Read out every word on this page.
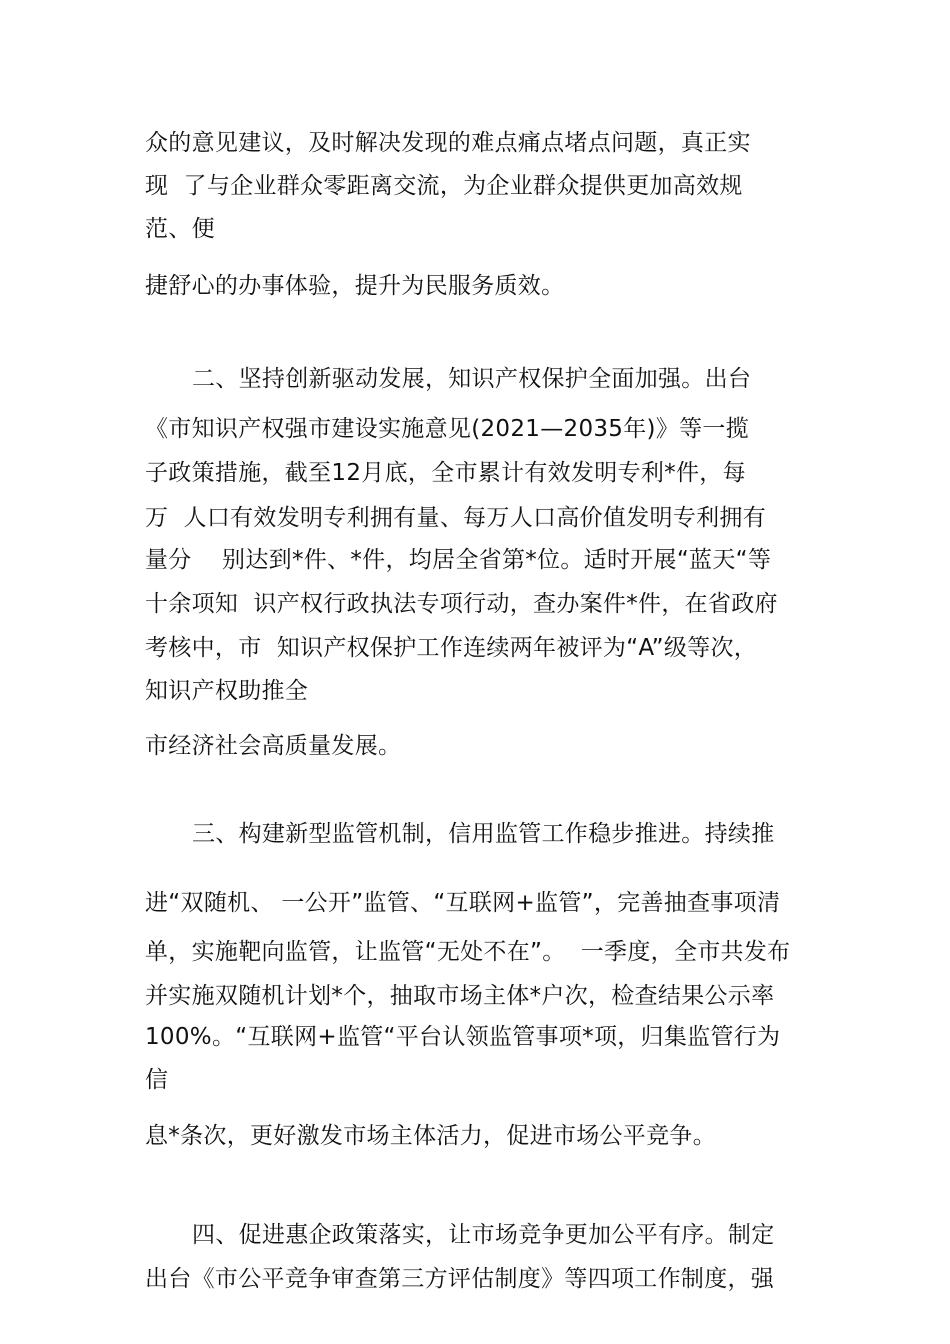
众的意见建议，及时解决发现的难点痛点堵点问题，真正实
现  了与企业群众零距离交流，为企业群众提供更加高效规
范、便
捷舒心的办事体验，提升为民服务质效。
二、坚持创新驱动发展，知识产权保护全面加强。出台
《市知识产权强市建设实施意见(2021—2035年)》等一揽
子政策措施，截至12月底，全市累计有效发明专利*件，每
万  人口有效发明专利拥有量、每万人口高价值发明专利拥有
量分    别达到*件、*件，均居全省第*位。适时开展“蓝天“等
十余项知  识产权行政执法专项行动，查办案件*件，在省政府
考核中，市  知识产权保护工作连续两年被评为“A”级等次，
知识产权助推全
市经济社会高质量发展。
三、构建新型监管机制，信用监管工作稳步推进。持续推
进“双随机、 一公开”监管、“互联网+监管”，完善抽查事项清
单，实施靶向监管，让监管“无处不在”。  一季度，全市共发布
并实施双随机计划*个，抽取市场主体*户次，检查结果公示率
100%。“互联网+监管“平台认领监管事项*项，归集监管行为
信
息*条次，更好激发市场主体活力，促进市场公平竞争。
四、促进惠企政策落实，让市场竞争更加公平有序。制定
出台《市公平竞争审查第三方评估制度》等四项工作制度，强
